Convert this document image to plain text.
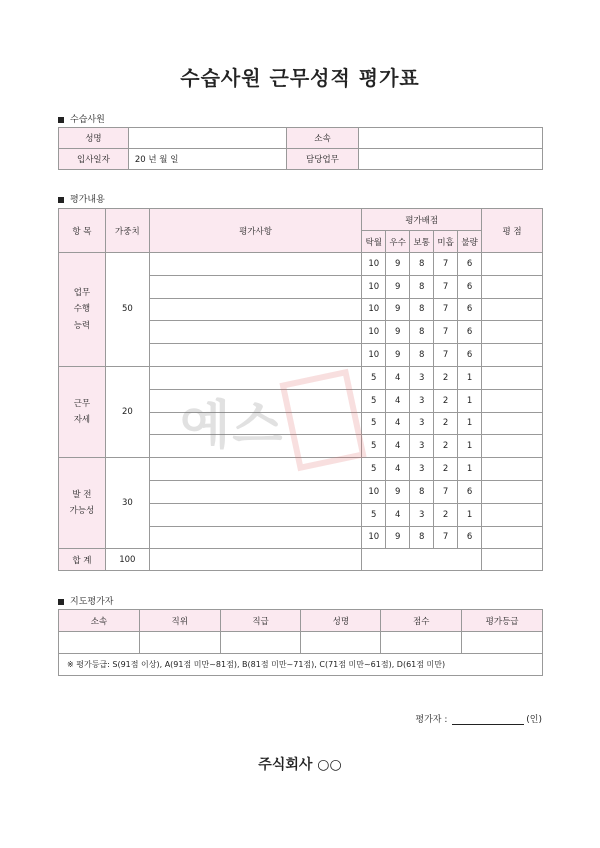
수습사원 근무성적 평가표
수습사원
성명		소속	
입사일자	20 년 월 일	담당업무	
평가내용
항 목	가중치	평가사항	평가배점					평 점
			탁월	우수	보통	미흡	불량	
업무
수행
능력	50		10	9	8	7	6	
			10	9	8	7	6	
			10	9	8	7	6	
			10	9	8	7	6	
			10	9	8	7	6	
근무
자세	20		5	4	3	2	1	
			5	4	3	2	1	
			5	4	3	2	1	
			5	4	3	2	1	
발 전
가능성	30		5	4	3	2	1	
			10	9	8	7	6	
			5	4	3	2	1	
			10	9	8	7	6	
합 계	100							
예스
지도평가자
소속	직위	직급	성명	점수	평가등급

※ 평가등급: S(91점 이상), A(91점 미만~81점), B(81점 미만~71점), C(71점 미만~61점), D(61점 미만)					
평가자 :	(인)
주식회사 ○○
